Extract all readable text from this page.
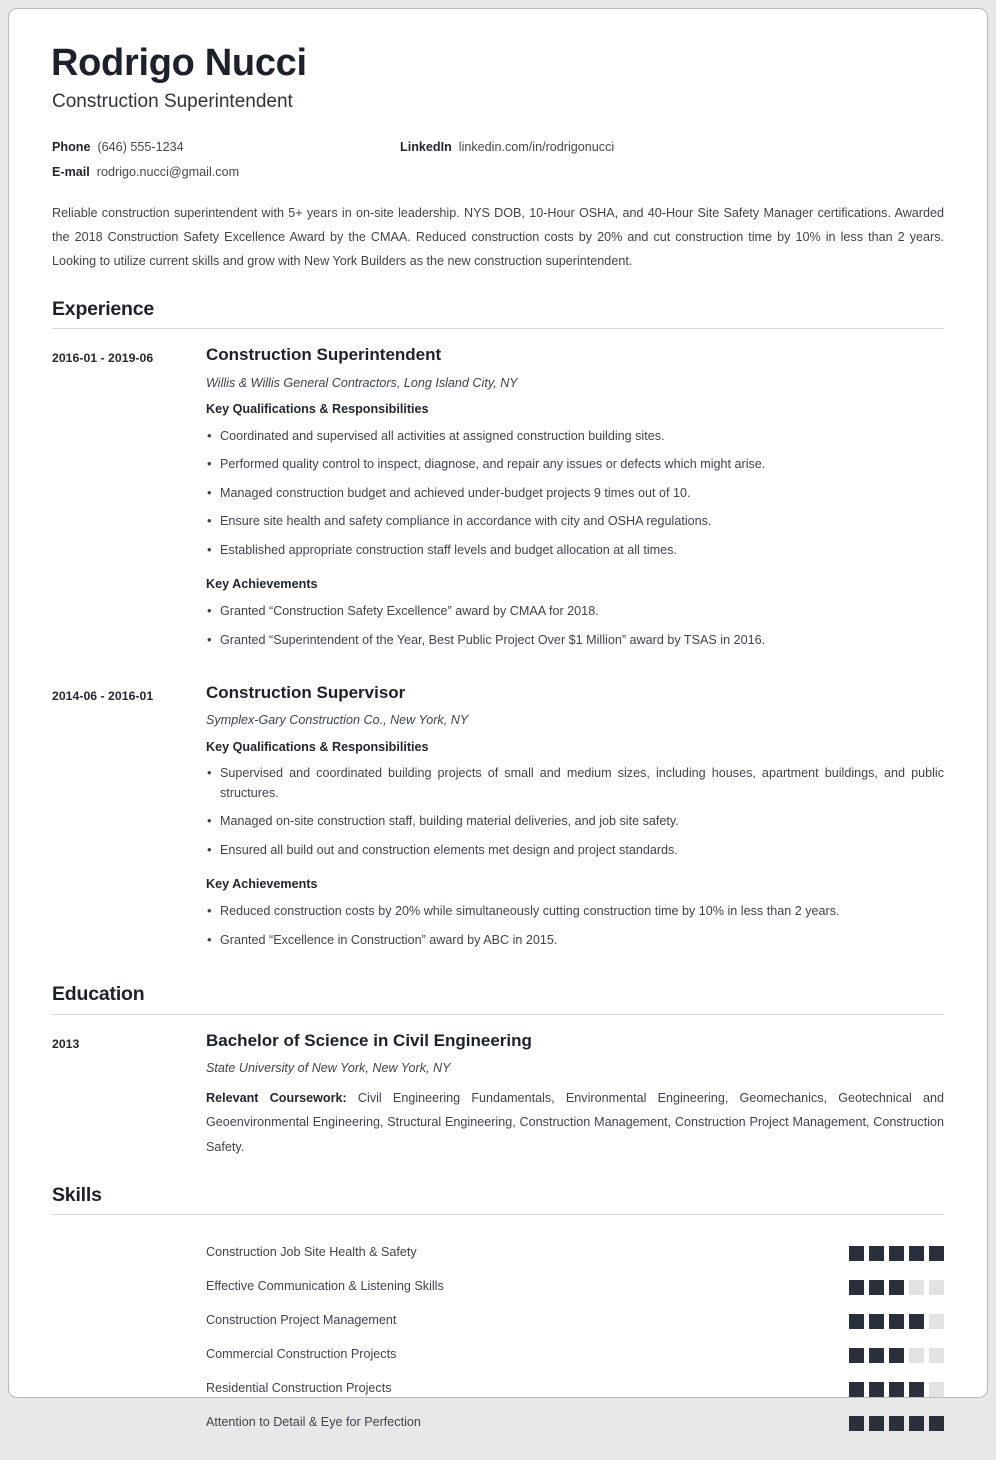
Rodrigo Nucci
Construction Superintendent
Phone (646) 555-1234	LinkedIn linkedin.com/in/rodrigonucci
E-mail rodrigo.nucci@gmail.com

Reliable construction superintendent with 5+ years in on-site leadership. NYS DOB, 10-Hour OSHA, and 40-Hour Site Safety Manager certifications. Awarded the 2018 Construction Safety Excellence Award by the CMAA. Reduced construction costs by 20% and cut construction time by 10% in less than 2 years. Looking to utilize current skills and grow with New York Builders as the new construction superintendent.

Experience
2016-01 - 2019-06	Construction Superintendent
Willis & Willis General Contractors, Long Island City, NY
Key Qualifications & Responsibilities
• Coordinated and supervised all activities at assigned construction building sites.
• Performed quality control to inspect, diagnose, and repair any issues or defects which might arise.
• Managed construction budget and achieved under-budget projects 9 times out of 10.
• Ensure site health and safety compliance in accordance with city and OSHA regulations.
• Established appropriate construction staff levels and budget allocation at all times.
Key Achievements
• Granted “Construction Safety Excellence” award by CMAA for 2018.
• Granted “Superintendent of the Year, Best Public Project Over $1 Million” award by TSAS in 2016.
2014-06 - 2016-01	Construction Supervisor
Symplex-Gary Construction Co., New York, NY
Key Qualifications & Responsibilities
• Supervised and coordinated building projects of small and medium sizes, including houses, apartment buildings, and public structures.
• Managed on-site construction staff, building material deliveries, and job site safety.
• Ensured all build out and construction elements met design and project standards.
Key Achievements
• Reduced construction costs by 20% while simultaneously cutting construction time by 10% in less than 2 years.
• Granted “Excellence in Construction” award by ABC in 2015.
Education
2013	Bachelor of Science in Civil Engineering
State University of New York, New York, NY

Relevant Coursework: Civil Engineering Fundamentals, Environmental Engineering, Geomechanics, Geotechnical and Geoenvironmental Engineering, Structural Engineering, Construction Management, Construction Project Management, Construction Safety.

Skills
Construction Job Site Health & Safety
Effective Communication & Listening Skills
Construction Project Management
Commercial Construction Projects
Residential Construction Projects
Attention to Detail & Eye for Perfection
